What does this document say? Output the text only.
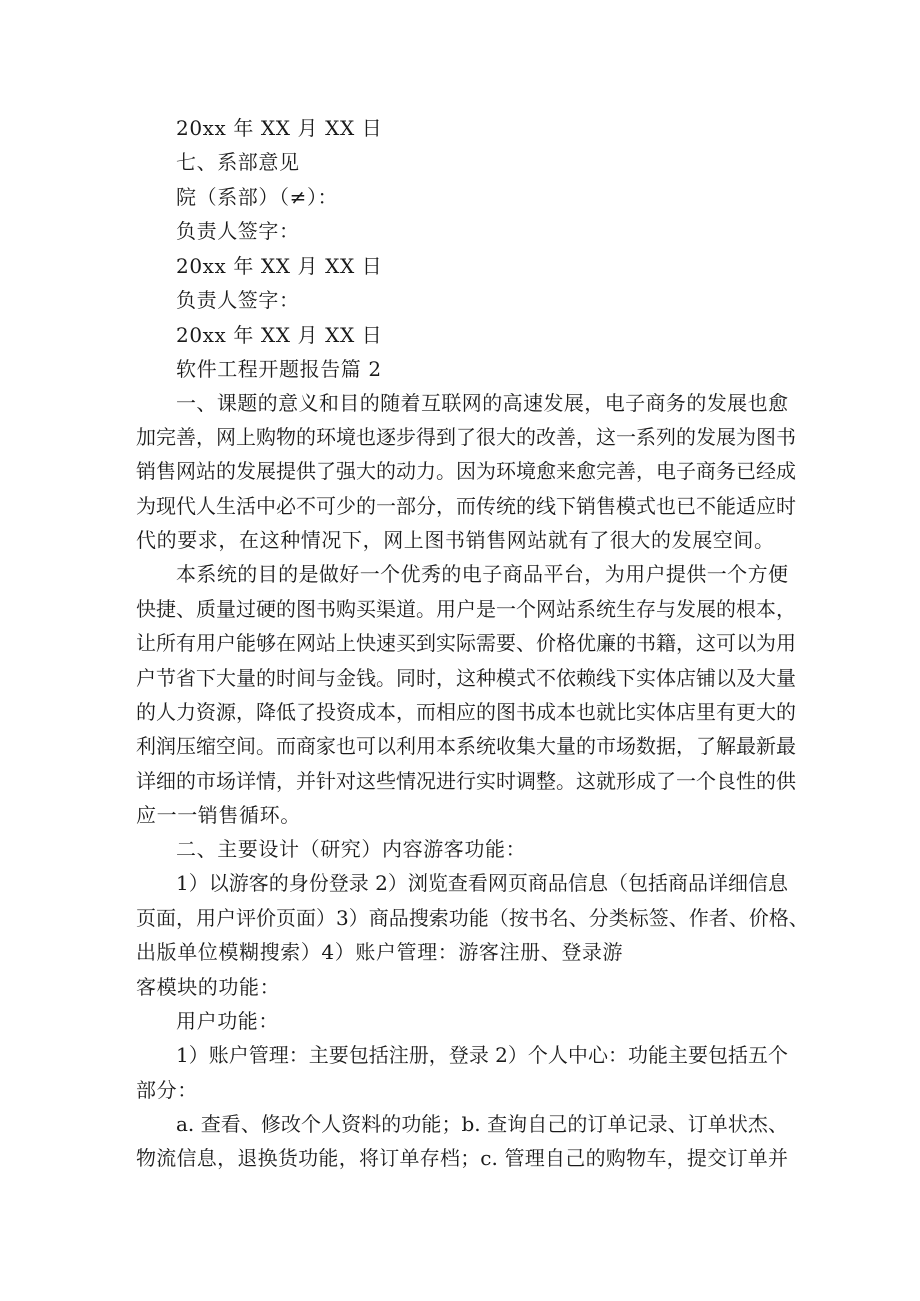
20xx 年 XX 月 XX 日
七、系部意见
院（系部）（≠）：
负责人签字：
20xx 年 XX 月 XX 日
负责人签字：
20xx 年 XX 月 XX 日
软件工程开题报告篇 2
一、课题的意义和目的随着互联网的高速发展，电子商务的发展也愈
加完善，网上购物的环境也逐步得到了很大的改善，这一系列的发展为图书
销售网站的发展提供了强大的动力。因为环境愈来愈完善，电子商务已经成
为现代人生活中必不可少的一部分，而传统的线下销售模式也已不能适应时
代的要求，在这种情况下，网上图书销售网站就有了很大的发展空间。
本系统的目的是做好一个优秀的电子商品平台，为用户提供一个方便
快捷、质量过硬的图书购买渠道。用户是一个网站系统生存与发展的根本，
让所有用户能够在网站上快速买到实际需要、价格优廉的书籍，这可以为用
户节省下大量的时间与金钱。同时，这种模式不依赖线下实体店铺以及大量
的人力资源，降低了投资成本，而相应的图书成本也就比实体店里有更大的
利润压缩空间。而商家也可以利用本系统收集大量的市场数据，了解最新最
详细的市场详情，并针对这些情况进行实时调整。这就形成了一个良性的供
应一一销售循环。
二、主要设计（研究）内容游客功能：
1）以游客的身份登录 2）浏览查看网页商品信息（包括商品详细信息
页面，用户评价页面）3）商品搜索功能（按书名、分类标签、作者、价格、
出版单位模糊搜索）4）账户管理：游客注册、登录游
客模块的功能：
用户功能：
1）账户管理：主要包括注册，登录 2）个人中心：功能主要包括五个
部分：
a. 查看、修改个人资料的功能；b. 查询自己的订单记录、订单状杰、
物流信息，退换货功能，将订单存档；c. 管理自己的购物车，提交订单并
